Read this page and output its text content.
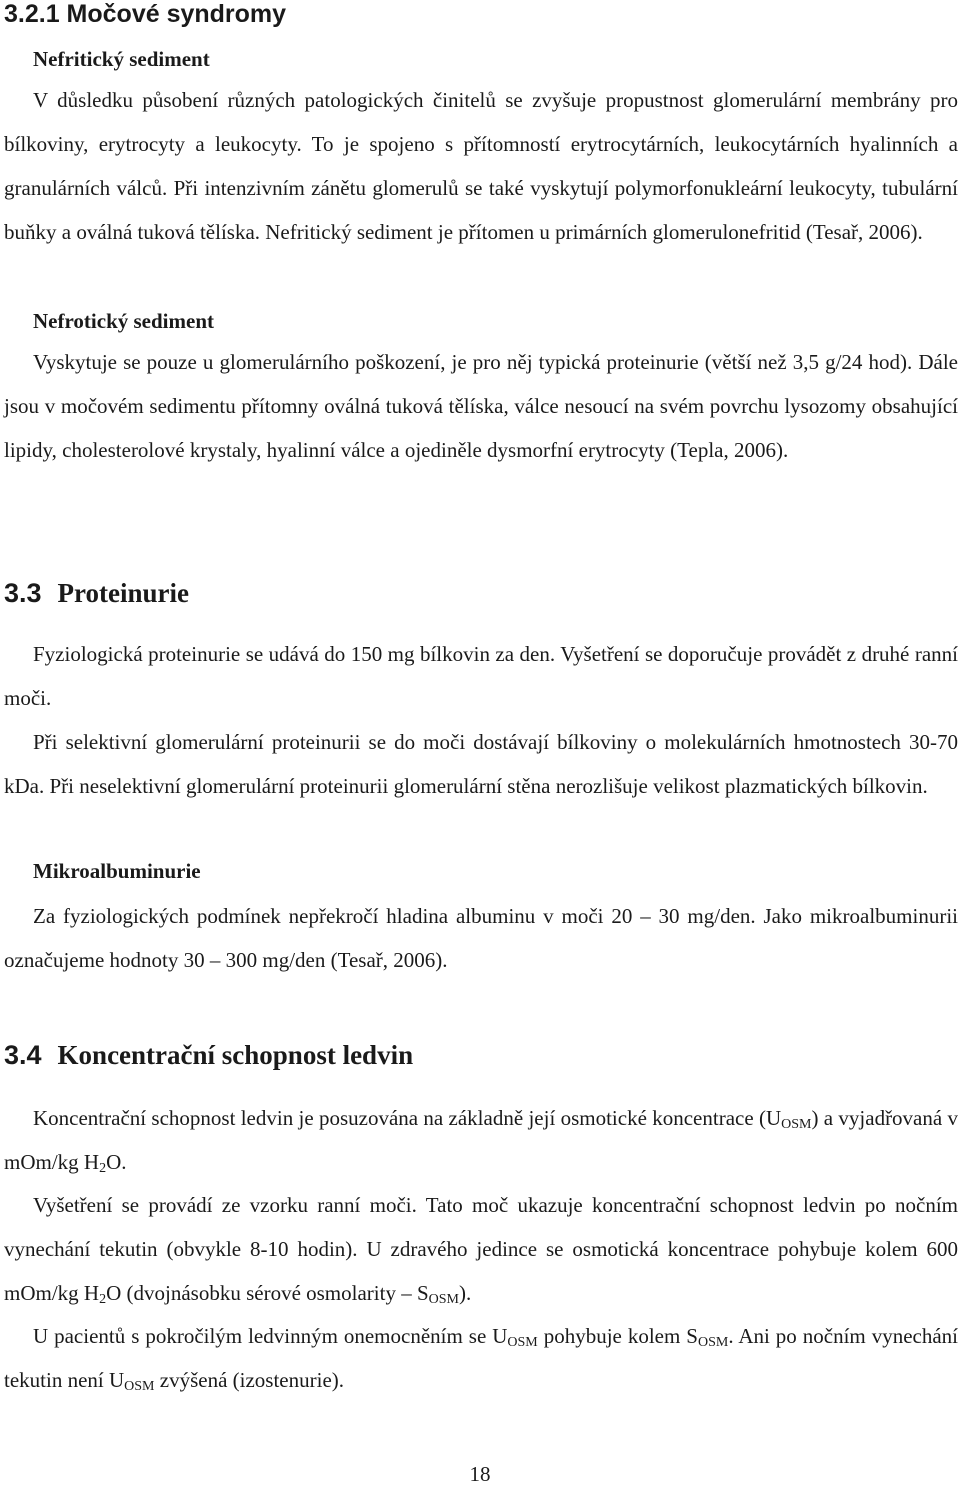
3.2.1 Močové syndromy
Nefritický sediment

V důsledku působení různých patologických činitelů se zvyšuje propustnost glomerulární membrány pro bílkoviny, erytrocyty a leukocyty. To je spojeno s přítomností erytrocytárních, leukocytárních hyalinních a granulárních válců. Při intenzivním zánětu glomerulů se také vyskytují polymorfonukleární leukocyty, tubulární buňky a oválná tuková tělíska. Nefritický sediment je přítomen u primárních glomerulonefritid (Tesař, 2006).

Nefrotický sediment

Vyskytuje se pouze u glomerulárního poškození, je pro něj typická proteinurie (větší než 3,5 g/24 hod). Dále jsou v močovém sedimentu přítomny oválná tuková tělíska, válce nesoucí na svém povrchu lysozomy obsahující lipidy, cholesterolové krystaly, hyalinní válce a ojediněle dysmorfní erytrocyty (Tepla, 2006).

3.3 Proteinurie

Fyziologická proteinurie se udává do 150 mg bílkovin za den. Vyšetření se doporučuje provádět z druhé ranní moči.

Při selektivní glomerulární proteinurii se do moči dostávají bílkoviny o molekulárních hmotnostech 30-70 kDa. Při neselektivní glomerulární proteinurii glomerulární stěna nerozlišuje velikost plazmatických bílkovin.

Mikroalbuminurie

Za fyziologických podmínek nepřekročí hladina albuminu v moči 20 – 30 mg/den. Jako mikroalbuminurii označujeme hodnoty 30 – 300 mg/den (Tesař, 2006).

3.4 Koncentrační schopnost ledvin

Koncentrační schopnost ledvin je posuzována na základně její osmotické koncentrace $(U_{OSM})$ a vyjadřovaná v mOm/kg $H_2O$.

Vyšetření se provádí ze vzorku ranní moči. Tato moč ukazuje koncentrační schopnost ledvin po nočním vynechání tekutin (obvykle 8-10 hodin). U zdravého jedince se osmotická koncentrace pohybuje kolem 600 mOm/kg $H_2O$ (dvojnásobku sérové osmolarity – $S_{OSM}$).

U pacientů s pokročilým ledvinným onemocněním se $U_{OSM}$ pohybuje kolem $S_{OSM}$. Ani po nočním vynechání tekutin není $U_{OSM}$ zvýšená (izostenurie).

18
